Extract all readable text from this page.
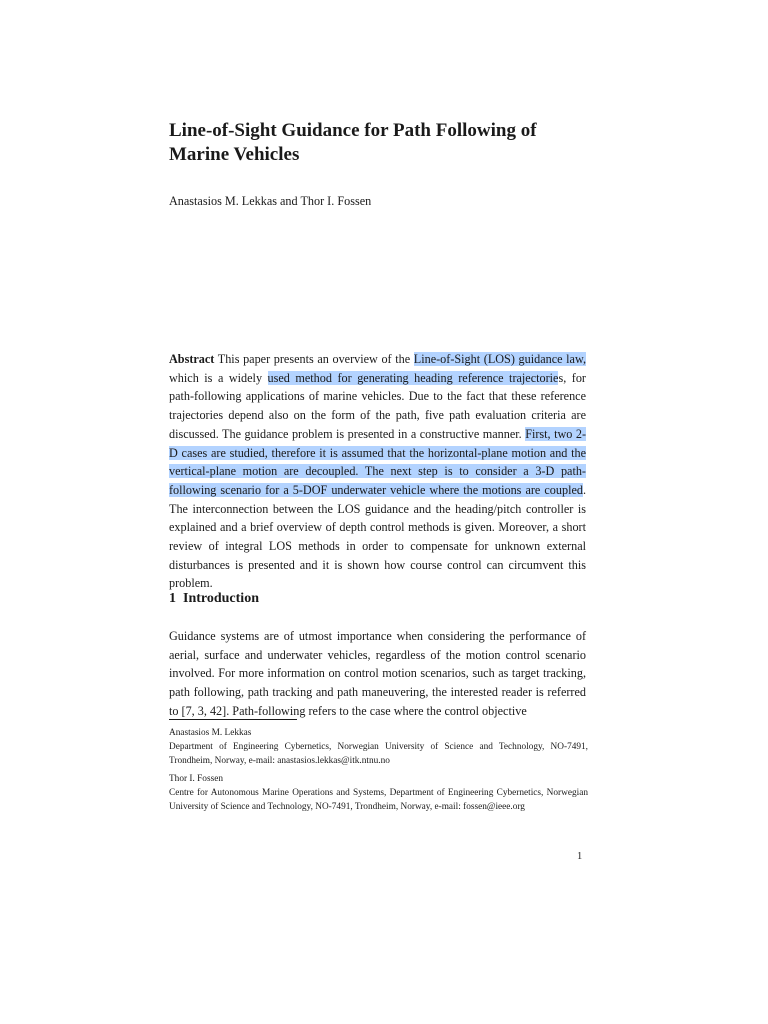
Line-of-Sight Guidance for Path Following of Marine Vehicles

Anastasios M. Lekkas and Thor I. Fossen

Abstract This paper presents an overview of the Line-of-Sight (LOS) guidance law, which is a widely used method for generating heading reference trajectories, for path-following applications of marine vehicles. Due to the fact that these reference trajectories depend also on the form of the path, five path evaluation criteria are discussed. The guidance problem is presented in a constructive manner. First, two 2-D cases are studied, therefore it is assumed that the horizontal-plane motion and the vertical-plane motion are decoupled. The next step is to consider a 3-D path-following scenario for a 5-DOF underwater vehicle where the motions are coupled. The interconnection between the LOS guidance and the heading/pitch controller is explained and a brief overview of depth control methods is given. Moreover, a short review of integral LOS methods in order to compensate for unknown external disturbances is presented and it is shown how course control can circumvent this problem.

1 Introduction

Guidance systems are of utmost importance when considering the performance of aerial, surface and underwater vehicles, regardless of the motion control scenario involved. For more information on control motion scenarios, such as target tracking, path following, path tracking and path maneuvering, the interested reader is referred to [7, 3, 42]. Path-following refers to the case where the control objective

Anastasios M. Lekkas
Department of Engineering Cybernetics, Norwegian University of Science and Technology, NO-7491, Trondheim, Norway, e-mail: anastasios.lekkas@itk.ntnu.no
Thor I. Fossen
Centre for Autonomous Marine Operations and Systems, Department of Engineering Cybernetics, Norwegian University of Science and Technology, NO-7491, Trondheim, Norway, e-mail: fossen@ieee.org

1
